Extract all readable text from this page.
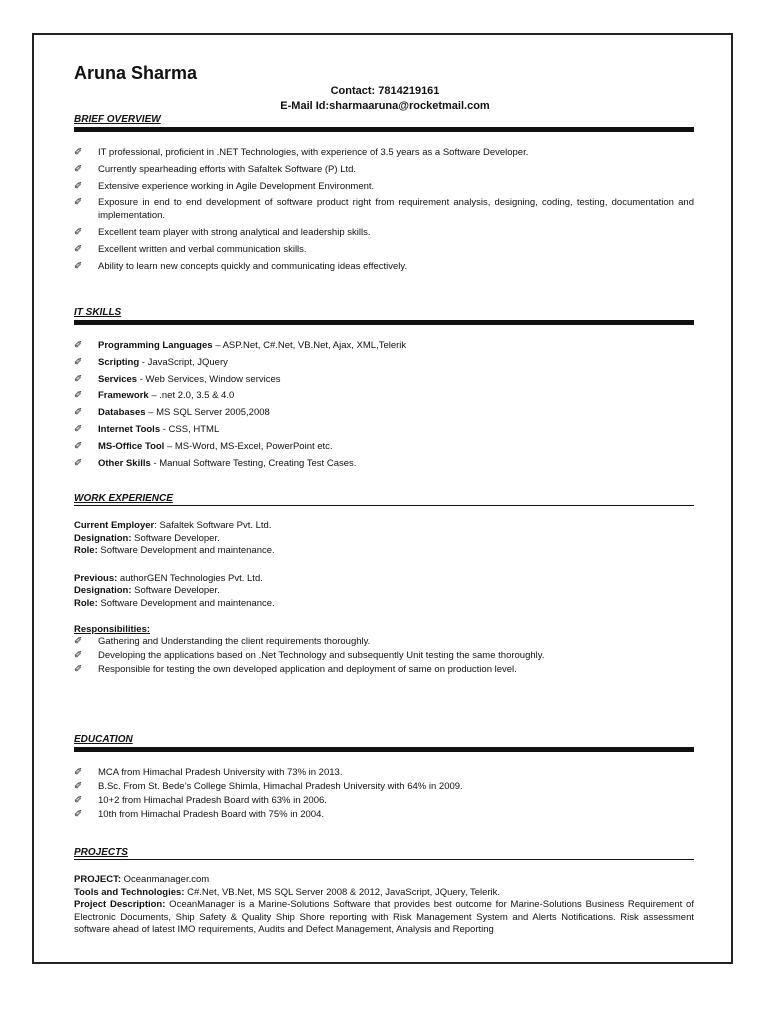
Aruna Sharma
Contact: 7814219161
E-Mail Id:sharmaaruna@rocketmail.com
BRIEF OVERVIEW
✐ IT professional, proficient in .NET Technologies, with experience of 3.5 years as a Software Developer.
✐ Currently spearheading efforts with Safaltek Software (P) Ltd.
✐ Extensive experience working in Agile Development Environment.
✐ Exposure in end to end development of software product right from requirement analysis, designing, coding, testing, documentation and implementation.
✐ Excellent team player with strong analytical and leadership skills.
✐ Excellent written and verbal communication skills.
✐ Ability to learn new concepts quickly and communicating ideas effectively.
IT SKILLS
✐ Programming Languages – ASP.Net, C#.Net, VB.Net, Ajax, XML,Telerik
✐ Scripting - JavaScript, JQuery
✐ Services - Web Services, Window services
✐ Framework – .net 2.0, 3.5 & 4.0
✐ Databases – MS SQL Server 2005,2008
✐ Internet Tools - CSS, HTML
✐ MS-Office Tool – MS-Word, MS-Excel, PowerPoint etc.
✐ Other Skills - Manual Software Testing, Creating Test Cases.
WORK EXPERIENCE
Current Employer: Safaltek Software Pvt. Ltd.
Designation: Software Developer.
Role: Software Development and maintenance.
Previous: authorGEN Technologies Pvt. Ltd.
Designation: Software Developer.
Role: Software Development and maintenance.
Responsibilities:
✐ Gathering and Understanding the client requirements thoroughly.
✐ Developing the applications based on .Net Technology and subsequently Unit testing the same thoroughly.
✐ Responsible for testing the own developed application and deployment of same on production level.
EDUCATION
✐ MCA from Himachal Pradesh University with 73% in 2013.
✐ B.Sc. From St. Bede’s College Shimla, Himachal Pradesh University with 64% in 2009.
✐ 10+2 from Himachal Pradesh Board with 63% in 2006.
✐ 10th from Himachal Pradesh Board with 75% in 2004.
PROJECTS
PROJECT: Oceanmanager.com
Tools and Technologies: C#.Net, VB.Net, MS SQL Server 2008 & 2012, JavaScript, JQuery, Telerik.
Project Description: OceanManager is a Marine-Solutions Software that provides best outcome for Marine-Solutions Business Requirement of Electronic Documents, Ship Safety & Quality Ship Shore reporting with Risk Management System and Alerts Notifications. Risk assessment software ahead of latest IMO requirements, Audits and Defect Management, Analysis and Reporting
